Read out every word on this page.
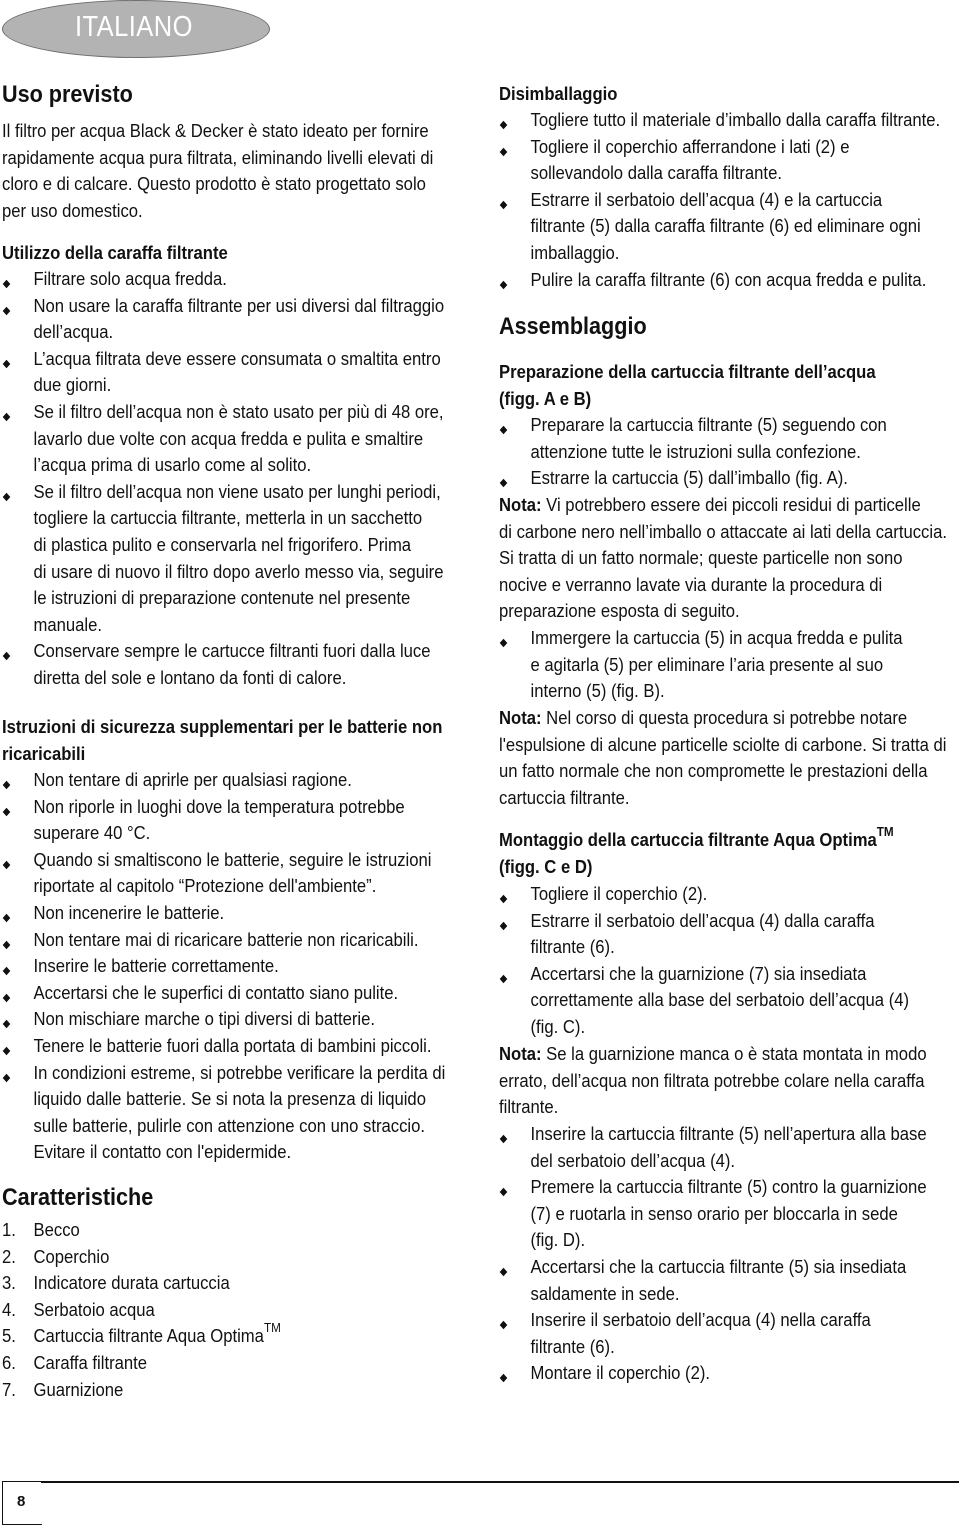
ITALIANO
Uso previsto
Il filtro per acqua Black & Decker è stato ideato per fornire
rapidamente acqua pura filtrata, eliminando livelli elevati di
cloro e di calcare. Questo prodotto è stato progettato solo
per uso domestico.
Utilizzo della caraffa filtrante
Filtrare solo acqua fredda.
Non usare la caraffa filtrante per usi diversi dal filtraggio
dell’acqua.
L’acqua filtrata deve essere consumata o smaltita entro
due giorni.
Se il filtro dell’acqua non è stato usato per più di 48 ore,
lavarlo due volte con acqua fredda e pulita e smaltire
l’acqua prima di usarlo come al solito.
Se il filtro dell’acqua non viene usato per lunghi periodi,
togliere la cartuccia filtrante, metterla in un sacchetto
di plastica pulito e conservarla nel frigorifero. Prima
di usare di nuovo il filtro dopo averlo messo via, seguire
le istruzioni di preparazione contenute nel presente
manuale.
Conservare sempre le cartucce filtranti fuori dalla luce
diretta del sole e lontano da fonti di calore.
Istruzioni di sicurezza supplementari per le batterie non
ricaricabili
Non tentare di aprirle per qualsiasi ragione.
Non riporle in luoghi dove la temperatura potrebbe
superare 40 °C.
Quando si smaltiscono le batterie, seguire le istruzioni
riportate al capitolo “Protezione dell'ambiente”.
Non incenerire le batterie.
Non tentare mai di ricaricare batterie non ricaricabili.
Inserire le batterie correttamente.
Accertarsi che le superfici di contatto siano pulite.
Non mischiare marche o tipi diversi di batterie.
Tenere le batterie fuori dalla portata di bambini piccoli.
In condizioni estreme, si potrebbe verificare la perdita di
liquido dalle batterie. Se si nota la presenza di liquido
sulle batterie, pulirle con attenzione con uno straccio.
Evitare il contatto con l'epidermide.
Caratteristiche
1. Becco
2. Coperchio
3. Indicatore durata cartuccia
4. Serbatoio acqua
5. Cartuccia filtrante Aqua Optima™
6. Caraffa filtrante
7. Guarnizione
Disimballaggio
Togliere tutto il materiale d’imballo dalla caraffa filtrante.
Togliere il coperchio afferrandone i lati (2) e
sollevandolo dalla caraffa filtrante.
Estrarre il serbatoio dell’acqua (4) e la cartuccia
filtrante (5) dalla caraffa filtrante (6) ed eliminare ogni
imballaggio.
Pulire la caraffa filtrante (6) con acqua fredda e pulita.
Assemblaggio
Preparazione della cartuccia filtrante dell’acqua
(figg. A e B)
Preparare la cartuccia filtrante (5) seguendo con
attenzione tutte le istruzioni sulla confezione.
Estrarre la cartuccia (5) dall’imballo (fig. A).
Nota: Vi potrebbero essere dei piccoli residui di particelle
di carbone nero nell’imballo o attaccate ai lati della cartuccia.
Si tratta di un fatto normale; queste particelle non sono
nocive e verranno lavate via durante la procedura di
preparazione esposta di seguito.
Immergere la cartuccia (5) in acqua fredda e pulita
e agitarla (5) per eliminare l’aria presente al suo
interno (5) (fig. B).
Nota: Nel corso di questa procedura si potrebbe notare
l'espulsione di alcune particelle sciolte di carbone. Si tratta di
un fatto normale che non compromette le prestazioni della
cartuccia filtrante.
Montaggio della cartuccia filtrante Aqua Optima™
(figg. C e D)
Togliere il coperchio (2).
Estrarre il serbatoio dell’acqua (4) dalla caraffa
filtrante (6).
Accertarsi che la guarnizione (7) sia insediata
correttamente alla base del serbatoio dell’acqua (4)
(fig. C).
Nota: Se la guarnizione manca o è stata montata in modo
errato, dell’acqua non filtrata potrebbe colare nella caraffa
filtrante.
Inserire la cartuccia filtrante (5) nell’apertura alla base
del serbatoio dell’acqua (4).
Premere la cartuccia filtrante (5) contro la guarnizione
(7) e ruotarla in senso orario per bloccarla in sede
(fig. D).
Accertarsi che la cartuccia filtrante (5) sia insediata
saldamente in sede.
Inserire il serbatoio dell’acqua (4) nella caraffa
filtrante (6).
Montare il coperchio (2).
8
